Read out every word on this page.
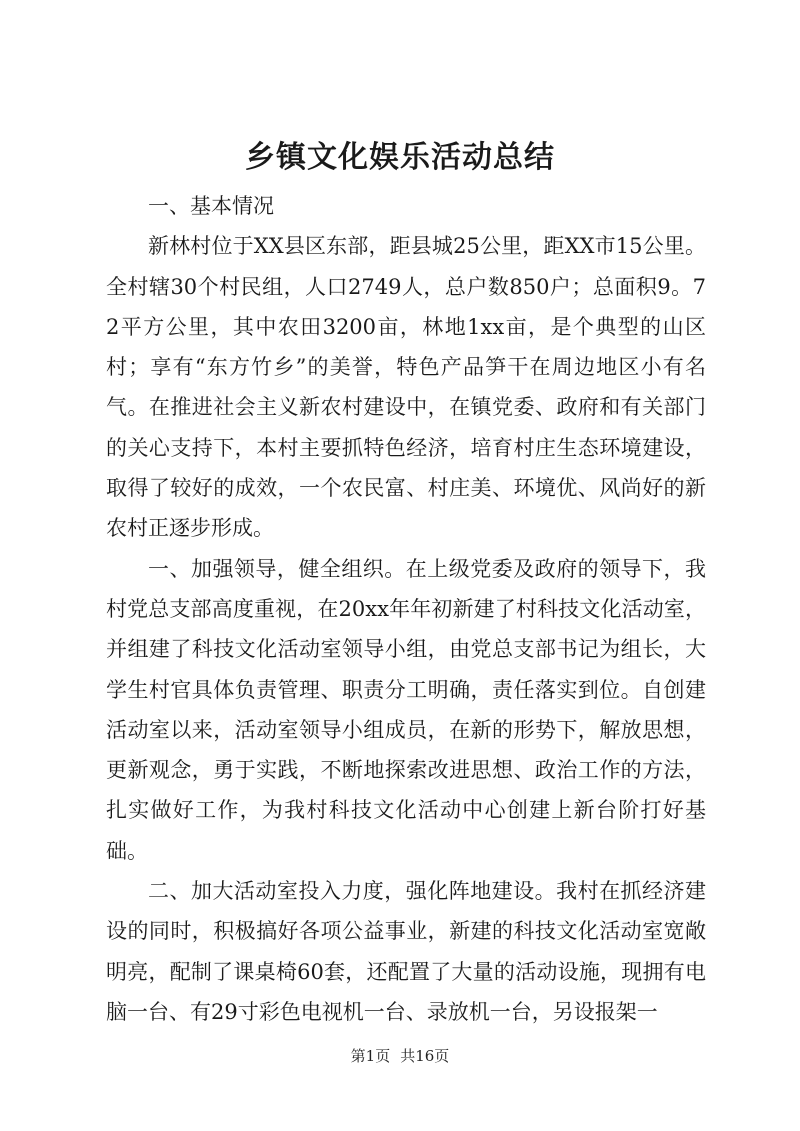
乡镇文化娱乐活动总结

一、基本情况

新林村位于XX县区东部，距县城25公里，距XX市15公里。全村辖30个村民组，人口2749人，总户数850户；总面积9。72平方公里，其中农田3200亩，林地1xx亩，是个典型的山区村；享有“东方竹乡”的美誉，特色产品笋干在周边地区小有名气。在推进社会主义新农村建设中，在镇党委、政府和有关部门的关心支持下，本村主要抓特色经济，培育村庄生态环境建设，取得了较好的成效，一个农民富、村庄美、环境优、风尚好的新农村正逐步形成。

一、加强领导，健全组织。在上级党委及政府的领导下，我村党总支部高度重视，在20xx年年初新建了村科技文化活动室，并组建了科技文化活动室领导小组，由党总支部书记为组长，大学生村官具体负责管理、职责分工明确，责任落实到位。自创建活动室以来，活动室领导小组成员，在新的形势下，解放思想，更新观念，勇于实践，不断地探索改进思想、政治工作的方法，扎实做好工作，为我村科技文化活动中心创建上新台阶打好基础。

二、加大活动室投入力度，强化阵地建设。我村在抓经济建设的同时，积极搞好各项公益事业，新建的科技文化活动室宽敞明亮，配制了课桌椅60套，还配置了大量的活动设施，现拥有电脑一台、有29寸彩色电视机一台、录放机一台，另设报架一

第1页 共16页
